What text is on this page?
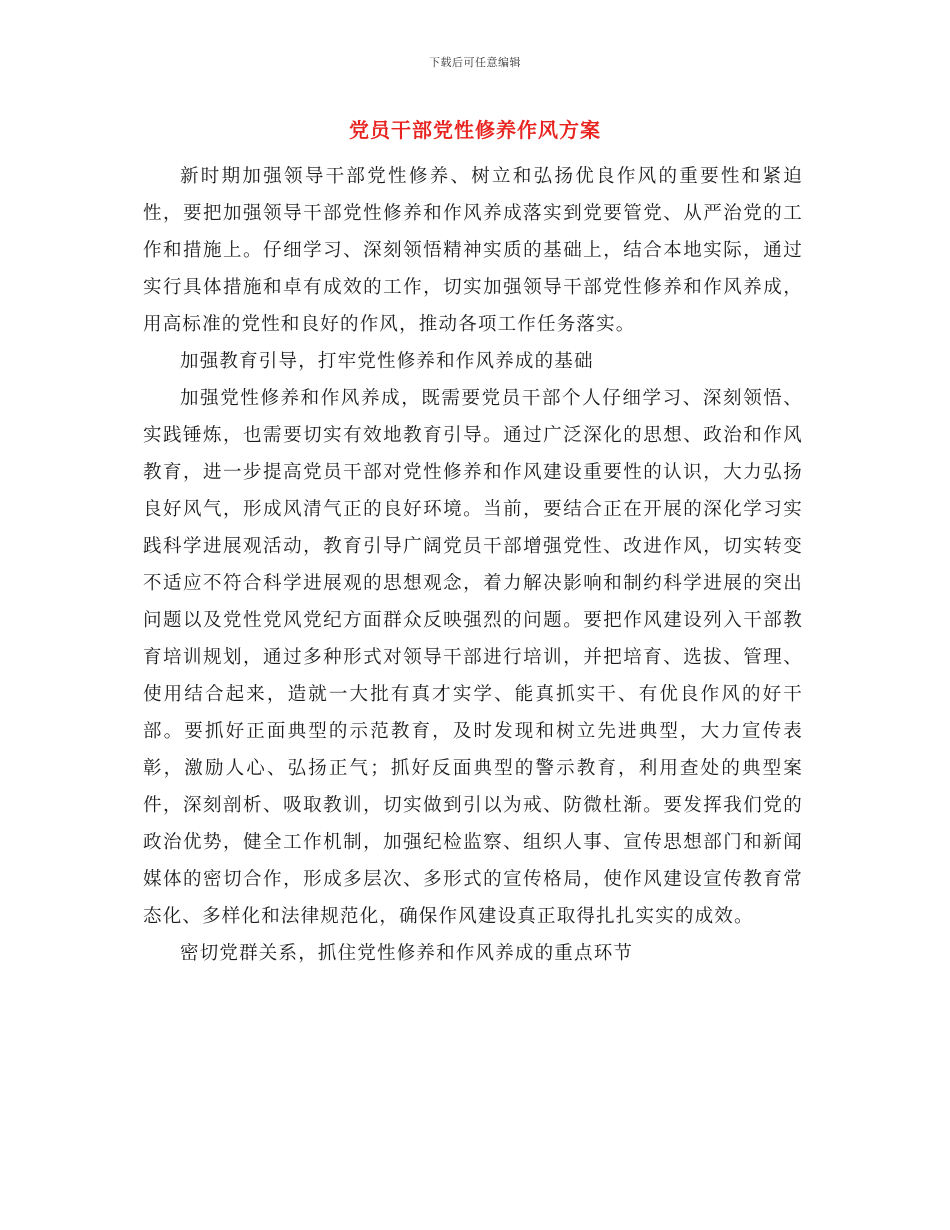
下载后可任意编辑
党员干部党性修养作风方案

新时期加强领导干部党性修养、树立和弘扬优良作风的重要性和紧迫性，要把加强领导干部党性修养和作风养成落实到党要管党、从严治党的工作和措施上。仔细学习、深刻领悟精神实质的基础上，结合本地实际，通过实行具体措施和卓有成效的工作，切实加强领导干部党性修养和作风养成，用高标准的党性和良好的作风，推动各项工作任务落实。

加强教育引导，打牢党性修养和作风养成的基础

加强党性修养和作风养成，既需要党员干部个人仔细学习、深刻领悟、实践锤炼，也需要切实有效地教育引导。通过广泛深化的思想、政治和作风教育，进一步提高党员干部对党性修养和作风建设重要性的认识，大力弘扬良好风气，形成风清气正的良好环境。当前，要结合正在开展的深化学习实践科学进展观活动，教育引导广阔党员干部增强党性、改进作风，切实转变不适应不符合科学进展观的思想观念，着力解决影响和制约科学进展的突出问题以及党性党风党纪方面群众反映强烈的问题。要把作风建设列入干部教育培训规划，通过多种形式对领导干部进行培训，并把培育、选拔、管理、使用结合起来，造就一大批有真才实学、能真抓实干、有优良作风的好干部。要抓好正面典型的示范教育，及时发现和树立先进典型，大力宣传表彰，激励人心、弘扬正气；抓好反面典型的警示教育，利用查处的典型案件，深刻剖析、吸取教训，切实做到引以为戒、防微杜渐。要发挥我们党的政治优势，健全工作机制，加强纪检监察、组织人事、宣传思想部门和新闻媒体的密切合作，形成多层次、多形式的宣传格局，使作风建设宣传教育常态化、多样化和法律规范化，确保作风建设真正取得扎扎实实的成效。

密切党群关系，抓住党性修养和作风养成的重点环节
